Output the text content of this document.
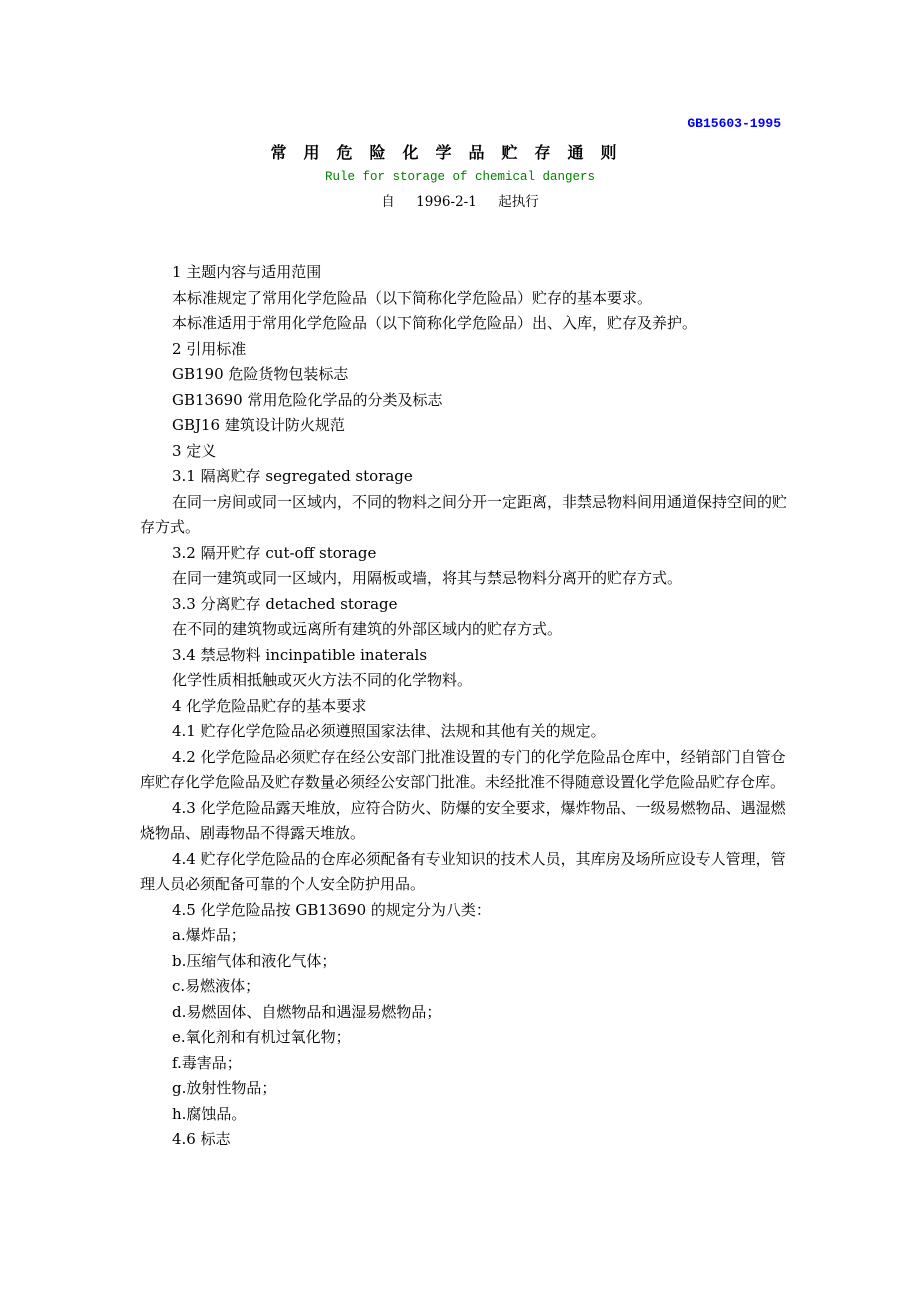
GB15603-1995

常用危险化学品贮存通则

Rule for storage of chemical dangers

自 1996-2-1 起执行

1 主题内容与适用范围

本标准规定了常用化学危险品（以下简称化学危险品）贮存的基本要求。

本标准适用于常用化学危险品（以下简称化学危险品）出、入库，贮存及养护。

2 引用标准

GB190 危险货物包装标志

GB13690 常用危险化学品的分类及标志

GBJ16 建筑设计防火规范

3 定义

3.1 隔离贮存 segregated storage

在同一房间或同一区域内，不同的物料之间分开一定距离，非禁忌物料间用通道保持空间的贮存方式。

3.2 隔开贮存 cut-off storage

在同一建筑或同一区域内，用隔板或墙，将其与禁忌物料分离开的贮存方式。

3.3 分离贮存 detached storage

在不同的建筑物或远离所有建筑的外部区域内的贮存方式。

3.4 禁忌物料 incinpatible inaterals

化学性质相抵触或灭火方法不同的化学物料。

4 化学危险品贮存的基本要求

4.1 贮存化学危险品必须遵照国家法律、法规和其他有关的规定。

4.2 化学危险品必须贮存在经公安部门批准设置的专门的化学危险品仓库中，经销部门自管仓库贮存化学危险品及贮存数量必须经公安部门批准。未经批准不得随意设置化学危险品贮存仓库。

4.3 化学危险品露天堆放，应符合防火、防爆的安全要求，爆炸物品、一级易燃物品、遇湿燃烧物品、剧毒物品不得露天堆放。

4.4 贮存化学危险品的仓库必须配备有专业知识的技术人员，其库房及场所应设专人管理，管理人员必须配备可靠的个人安全防护用品。

4.5 化学危险品按 GB13690 的规定分为八类：

a.爆炸品；

b.压缩气体和液化气体；

c.易燃液体；

d.易燃固体、自燃物品和遇湿易燃物品；

e.氧化剂和有机过氧化物；

f.毒害品；

g.放射性物品；

h.腐蚀品。

4.6 标志
